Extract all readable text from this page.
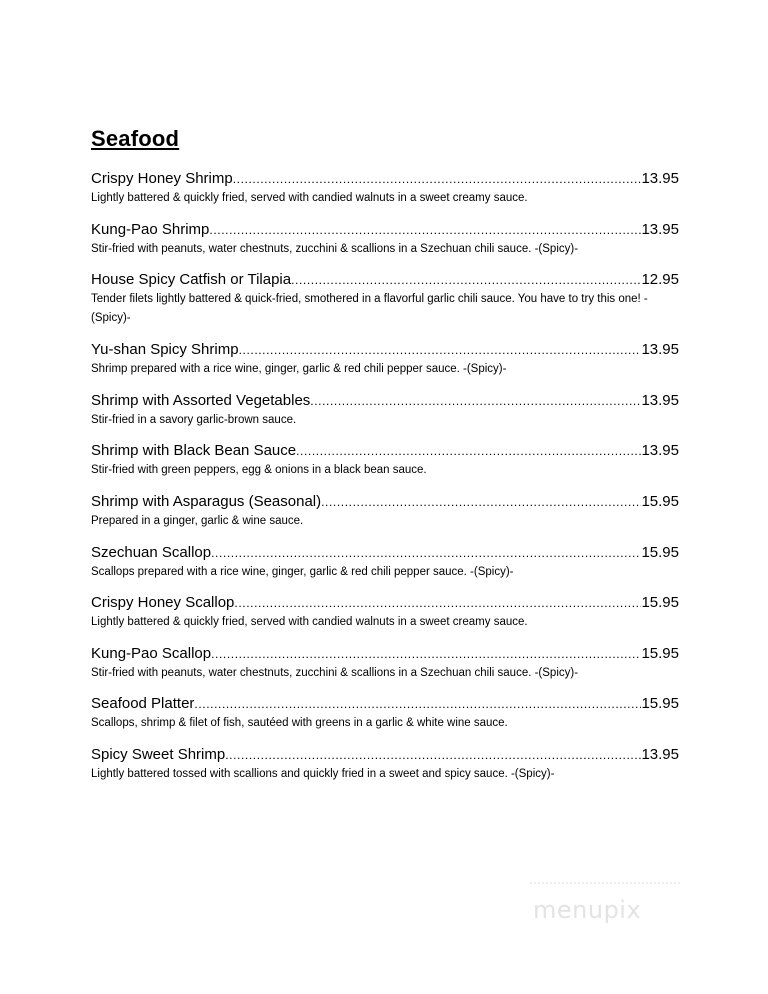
Seafood
Crispy Honey Shrimp .....	13.95
Lightly battered & quickly fried, served with candied walnuts in a sweet creamy sauce.
Kung-Pao Shrimp .....	13.95
Stir-fried with peanuts, water chestnuts, zucchini & scallions in a Szechuan chili sauce. -(Spicy)-
House Spicy Catfish or Tilapia .....	12.95
Tender filets lightly battered & quick-fried, smothered in a flavorful garlic chili sauce. You have to try this one! -(Spicy)-
Yu-shan Spicy Shrimp .....	13.95
Shrimp prepared with a rice wine, ginger, garlic & red chili pepper sauce. -(Spicy)-
Shrimp with Assorted Vegetables .....	13.95
Stir-fried in a savory garlic-brown sauce.
Shrimp with Black Bean Sauce .....	13.95
Stir-fried with green peppers, egg & onions in a black bean sauce.
Shrimp with Asparagus (Seasonal) .....	15.95
Prepared in a ginger, garlic & wine sauce.
Szechuan Scallop .....	15.95
Scallops prepared with a rice wine, ginger, garlic & red chili pepper sauce. -(Spicy)-
Crispy Honey Scallop .....	15.95
Lightly battered & quickly fried, served with candied walnuts in a sweet creamy sauce.
Kung-Pao Scallop .....	15.95
Stir-fried with peanuts, water chestnuts, zucchini & scallions in a Szechuan chili sauce. -(Spicy)-
Seafood Platter .....	15.95
Scallops, shrimp & filet of fish, sautéed with greens in a garlic & white wine sauce.
Spicy Sweet Shrimp .....	13.95
Lightly battered tossed with scallions and quickly fried in a sweet and spicy sauce. -(Spicy)-
menupix
